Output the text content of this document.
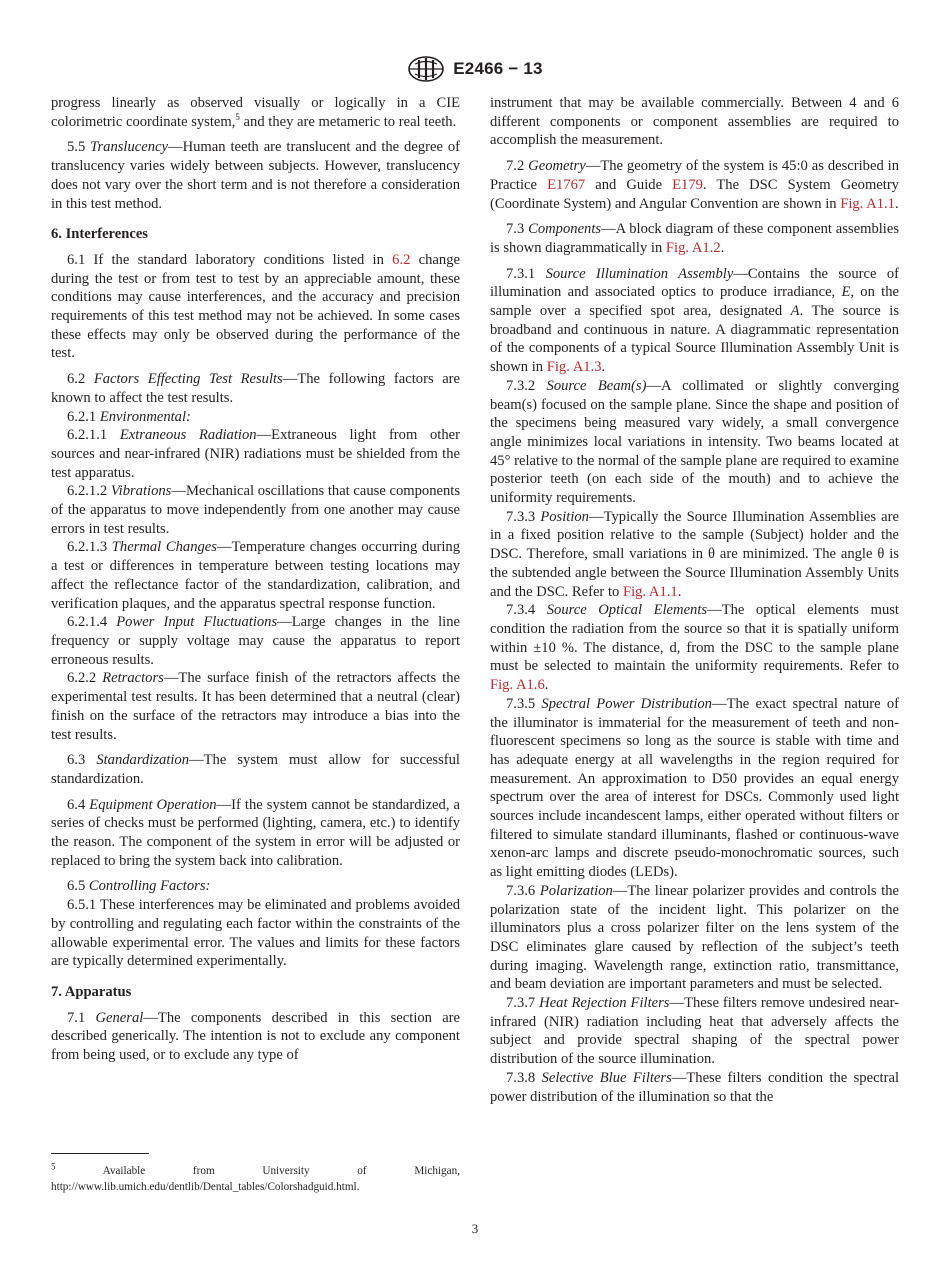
E2466 − 13

progress linearly as observed visually or logically in a CIE colorimetric coordinate system,$^5$ and they are metameric to real teeth.

5.5 Translucency—Human teeth are translucent and the degree of translucency varies widely between subjects. However, translucency does not vary over the short term and is not therefore a consideration in this test method.

6. Interferences

6.1 If the standard laboratory conditions listed in 6.2 change during the test or from test to test by an appreciable amount, these conditions may cause interferences, and the accuracy and precision requirements of this test method may not be achieved. In some cases these effects may only be observed during the performance of the test.

6.2 Factors Effecting Test Results—The following factors are known to affect the test results.

6.2.1 Environmental:

6.2.1.1 Extraneous Radiation—Extraneous light from other sources and near-infrared (NIR) radiations must be shielded from the test apparatus.

6.2.1.2 Vibrations—Mechanical oscillations that cause components of the apparatus to move independently from one another may cause errors in test results.

6.2.1.3 Thermal Changes—Temperature changes occurring during a test or differences in temperature between testing locations may affect the reflectance factor of the standardization, calibration, and verification plaques, and the apparatus spectral response function.

6.2.1.4 Power Input Fluctuations—Large changes in the line frequency or supply voltage may cause the apparatus to report erroneous results.

6.2.2 Retractors—The surface finish of the retractors affects the experimental test results. It has been determined that a neutral (clear) finish on the surface of the retractors may introduce a bias into the test results.

6.3 Standardization—The system must allow for successful standardization.

6.4 Equipment Operation—If the system cannot be standardized, a series of checks must be performed (lighting, camera, etc.) to identify the reason. The component of the system in error will be adjusted or replaced to bring the system back into calibration.

6.5 Controlling Factors:

6.5.1 These interferences may be eliminated and problems avoided by controlling and regulating each factor within the constraints of the allowable experimental error. The values and limits for these factors are typically determined experimentally.

7. Apparatus

7.1 General—The components described in this section are described generically. The intention is not to exclude any component from being used, or to exclude any type of

instrument that may be available commercially. Between 4 and 6 different components or component assemblies are required to accomplish the measurement.

7.2 Geometry—The geometry of the system is 45:0 as described in Practice E1767 and Guide E179. The DSC System Geometry (Coordinate System) and Angular Convention are shown in Fig. A1.1.

7.3 Components—A block diagram of these component assemblies is shown diagrammatically in Fig. A1.2.

7.3.1 Source Illumination Assembly—Contains the source of illumination and associated optics to produce irradiance, E, on the sample over a specified spot area, designated A. The source is broadband and continuous in nature. A diagrammatic representation of the components of a typical Source Illumination Assembly Unit is shown in Fig. A1.3.

7.3.2 Source Beam(s)—A collimated or slightly converging beam(s) focused on the sample plane. Since the shape and position of the specimens being measured vary widely, a small convergence angle minimizes local variations in intensity. Two beams located at 45° relative to the normal of the sample plane are required to examine posterior teeth (on each side of the mouth) and to achieve the uniformity requirements.

7.3.3 Position—Typically the Source Illumination Assemblies are in a fixed position relative to the sample (Subject) holder and the DSC. Therefore, small variations in θ are minimized. The angle θ is the subtended angle between the Source Illumination Assembly Units and the DSC. Refer to Fig. A1.1.

7.3.4 Source Optical Elements—The optical elements must condition the radiation from the source so that it is spatially uniform within ±10 %. The distance, d, from the DSC to the sample plane must be selected to maintain the uniformity requirements. Refer to Fig. A1.6.

7.3.5 Spectral Power Distribution—The exact spectral nature of the illuminator is immaterial for the measurement of teeth and non-fluorescent specimens so long as the source is stable with time and has adequate energy at all wavelengths in the region required for measurement. An approximation to D50 provides an equal energy spectrum over the area of interest for DSCs. Commonly used light sources include incandescent lamps, either operated without filters or filtered to simulate standard illuminants, flashed or continuous-wave xenon-arc lamps and discrete pseudo-monochromatic sources, such as light emitting diodes (LEDs).

7.3.6 Polarization—The linear polarizer provides and controls the polarization state of the incident light. This polarizer on the illuminators plus a cross polarizer filter on the lens system of the DSC eliminates glare caused by reflection of the subject’s teeth during imaging. Wavelength range, extinction ratio, transmittance, and beam deviation are important parameters and must be selected.

7.3.7 Heat Rejection Filters—These filters remove undesired near-infrared (NIR) radiation including heat that adversely affects the subject and provide spectral shaping of the spectral power distribution of the source illumination.

7.3.8 Selective Blue Filters—These filters condition the spectral power distribution of the illumination so that the

$^5$ Available from University of Michigan, http://www.lib.umich.edu/dentlib/Dental_tables/Colorshadguid.html.
3
